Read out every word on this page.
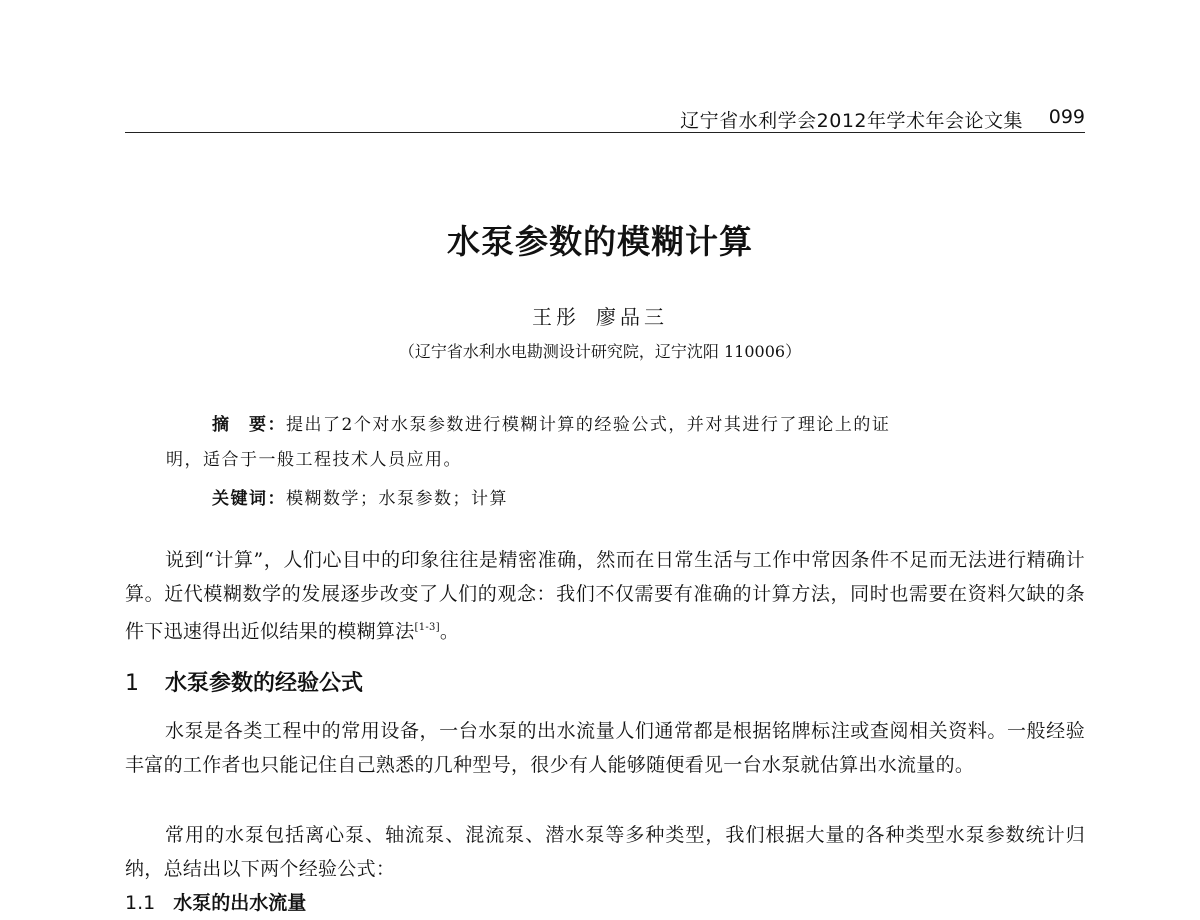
辽宁省水利学会2012年学术年会论文集 099
水泵参数的模糊计算
王彤 廖品三
（辽宁省水利水电勘测设计研究院，辽宁沈阳 110006）
摘　要：提出了2个对水泵参数进行模糊计算的经验公式，并对其进行了理论上的证
明，适合于一般工程技术人员应用。
关键词：模糊数学；水泵参数；计算
说到“计算”，人们心目中的印象往往是精密准确，然而在日常生活与工作中常因条件不足而无法进行精确计算。近代模糊数学的发展逐步改变了人们的观念：我们不仅需要有准确的计算方法，同时也需要在资料欠缺的条件下迅速得出近似结果的模糊算法[1-3]。
1 水泵参数的经验公式
水泵是各类工程中的常用设备，一台水泵的出水流量人们通常都是根据铭牌标注或查阅相关资料。一般经验丰富的工作者也只能记住自己熟悉的几种型号，很少有人能够随便看见一台水泵就估算出水流量的。
常用的水泵包括离心泵、轴流泵、混流泵、潜水泵等多种类型，我们根据大量的各种类型水泵参数统计归纳，总结出以下两个经验公式：
1.1 水泵的出水流量
